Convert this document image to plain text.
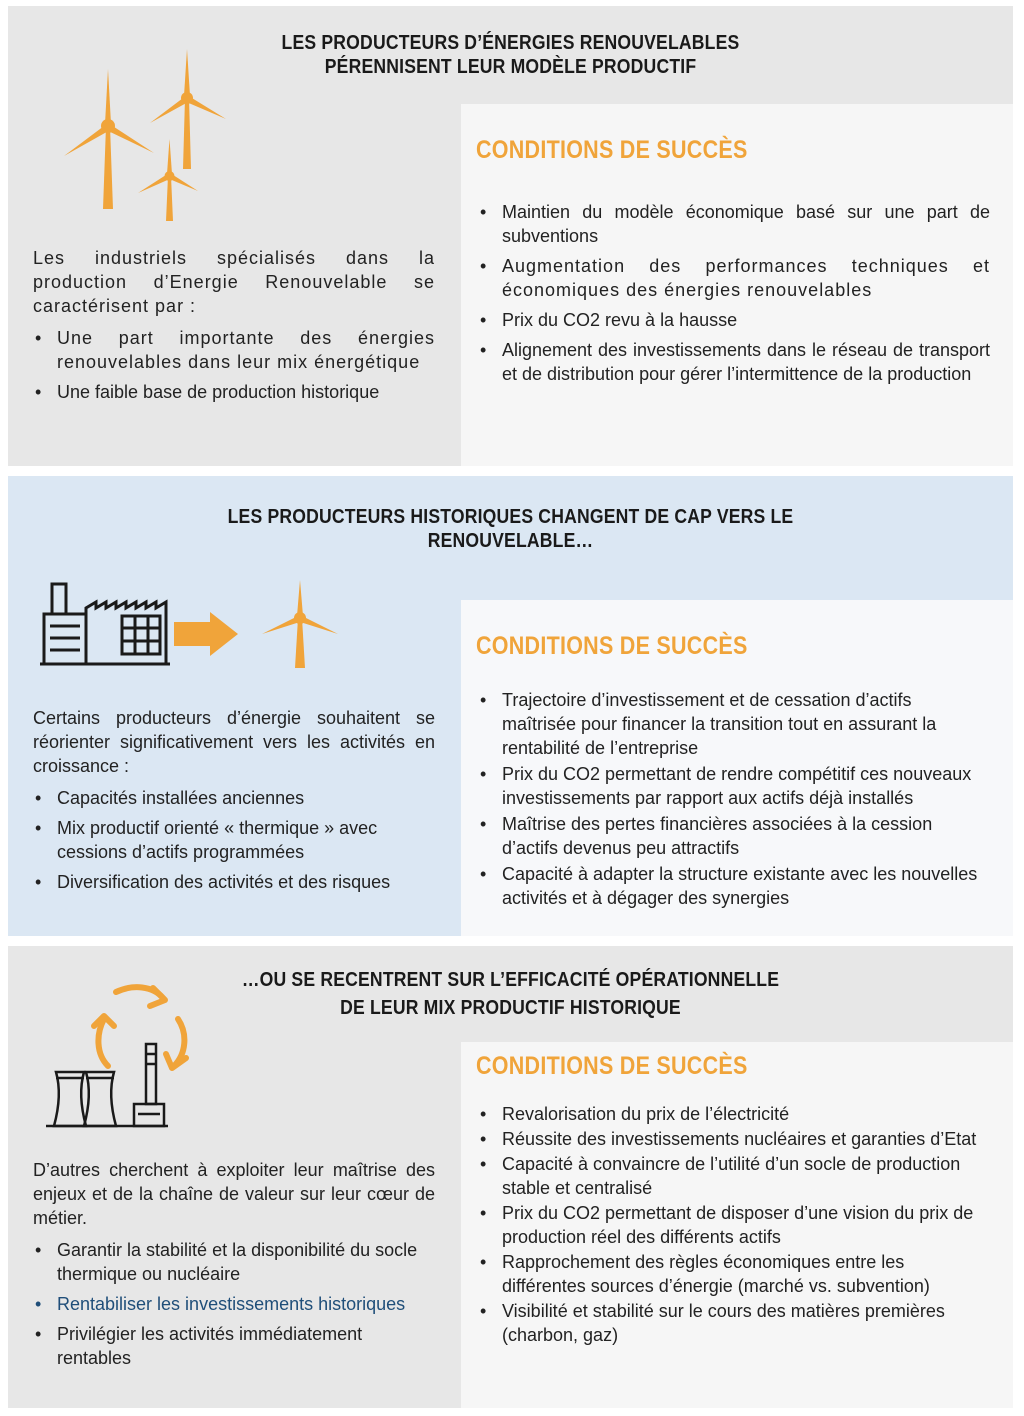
LES PRODUCTEURS D’ÉNERGIES RENOUVELABLES
PÉRENNISENT LEUR MODÈLE PRODUCTIF

Les industriels spécialisés dans la production d’Energie Renouvelable se caractérisent par :

• Une part importante des énergies renouvelables dans leur mix énergétique
• Une faible base de production historique
CONDITIONS DE SUCCÈS
• Maintien du modèle économique basé sur une part de subventions
• Augmentation des performances techniques et économiques des énergies renouvelables
• Prix du CO2 revu à la hausse
• Alignement des investissements dans le réseau de transport et de distribution pour gérer l’intermittence de la production
LES PRODUCTEURS HISTORIQUES CHANGENT DE CAP VERS LE
RENOUVELABLE…

Certains producteurs d’énergie souhaitent se réorienter significativement vers les activités en croissance :

• Capacités installées anciennes
• Mix productif orienté « thermique » avec cessions d’actifs programmées
• Diversification des activités et des risques
CONDITIONS DE SUCCÈS
• Trajectoire d’investissement et de cessation d’actifs maîtrisée pour financer la transition tout en assurant la rentabilité de l’entreprise
• Prix du CO2 permettant de rendre compétitif ces nouveaux investissements par rapport aux actifs déjà installés
• Maîtrise des pertes financières associées à la cession d’actifs devenus peu attractifs
• Capacité à adapter la structure existante avec les nouvelles activités et à dégager des synergies
…OU SE RECENTRENT SUR L’EFFICACITÉ OPÉRATIONNELLE
DE LEUR MIX PRODUCTIF HISTORIQUE

D’autres cherchent à exploiter leur maîtrise des enjeux et de la chaîne de valeur sur leur cœur de métier.

• Garantir la stabilité et la disponibilité du socle thermique ou nucléaire
• Rentabiliser les investissements historiques
• Privilégier les activités immédiatement rentables
CONDITIONS DE SUCCÈS
• Revalorisation du prix de l’électricité
• Réussite des investissements nucléaires et garanties d’Etat
• Capacité à convaincre de l’utilité d’un socle de production stable et centralisé
• Prix du CO2 permettant de disposer d’une vision du prix de production réel des différents actifs
• Rapprochement des règles économiques entre les différentes sources d’énergie (marché vs. subvention)
• Visibilité et stabilité sur le cours des matières premières (charbon, gaz)
